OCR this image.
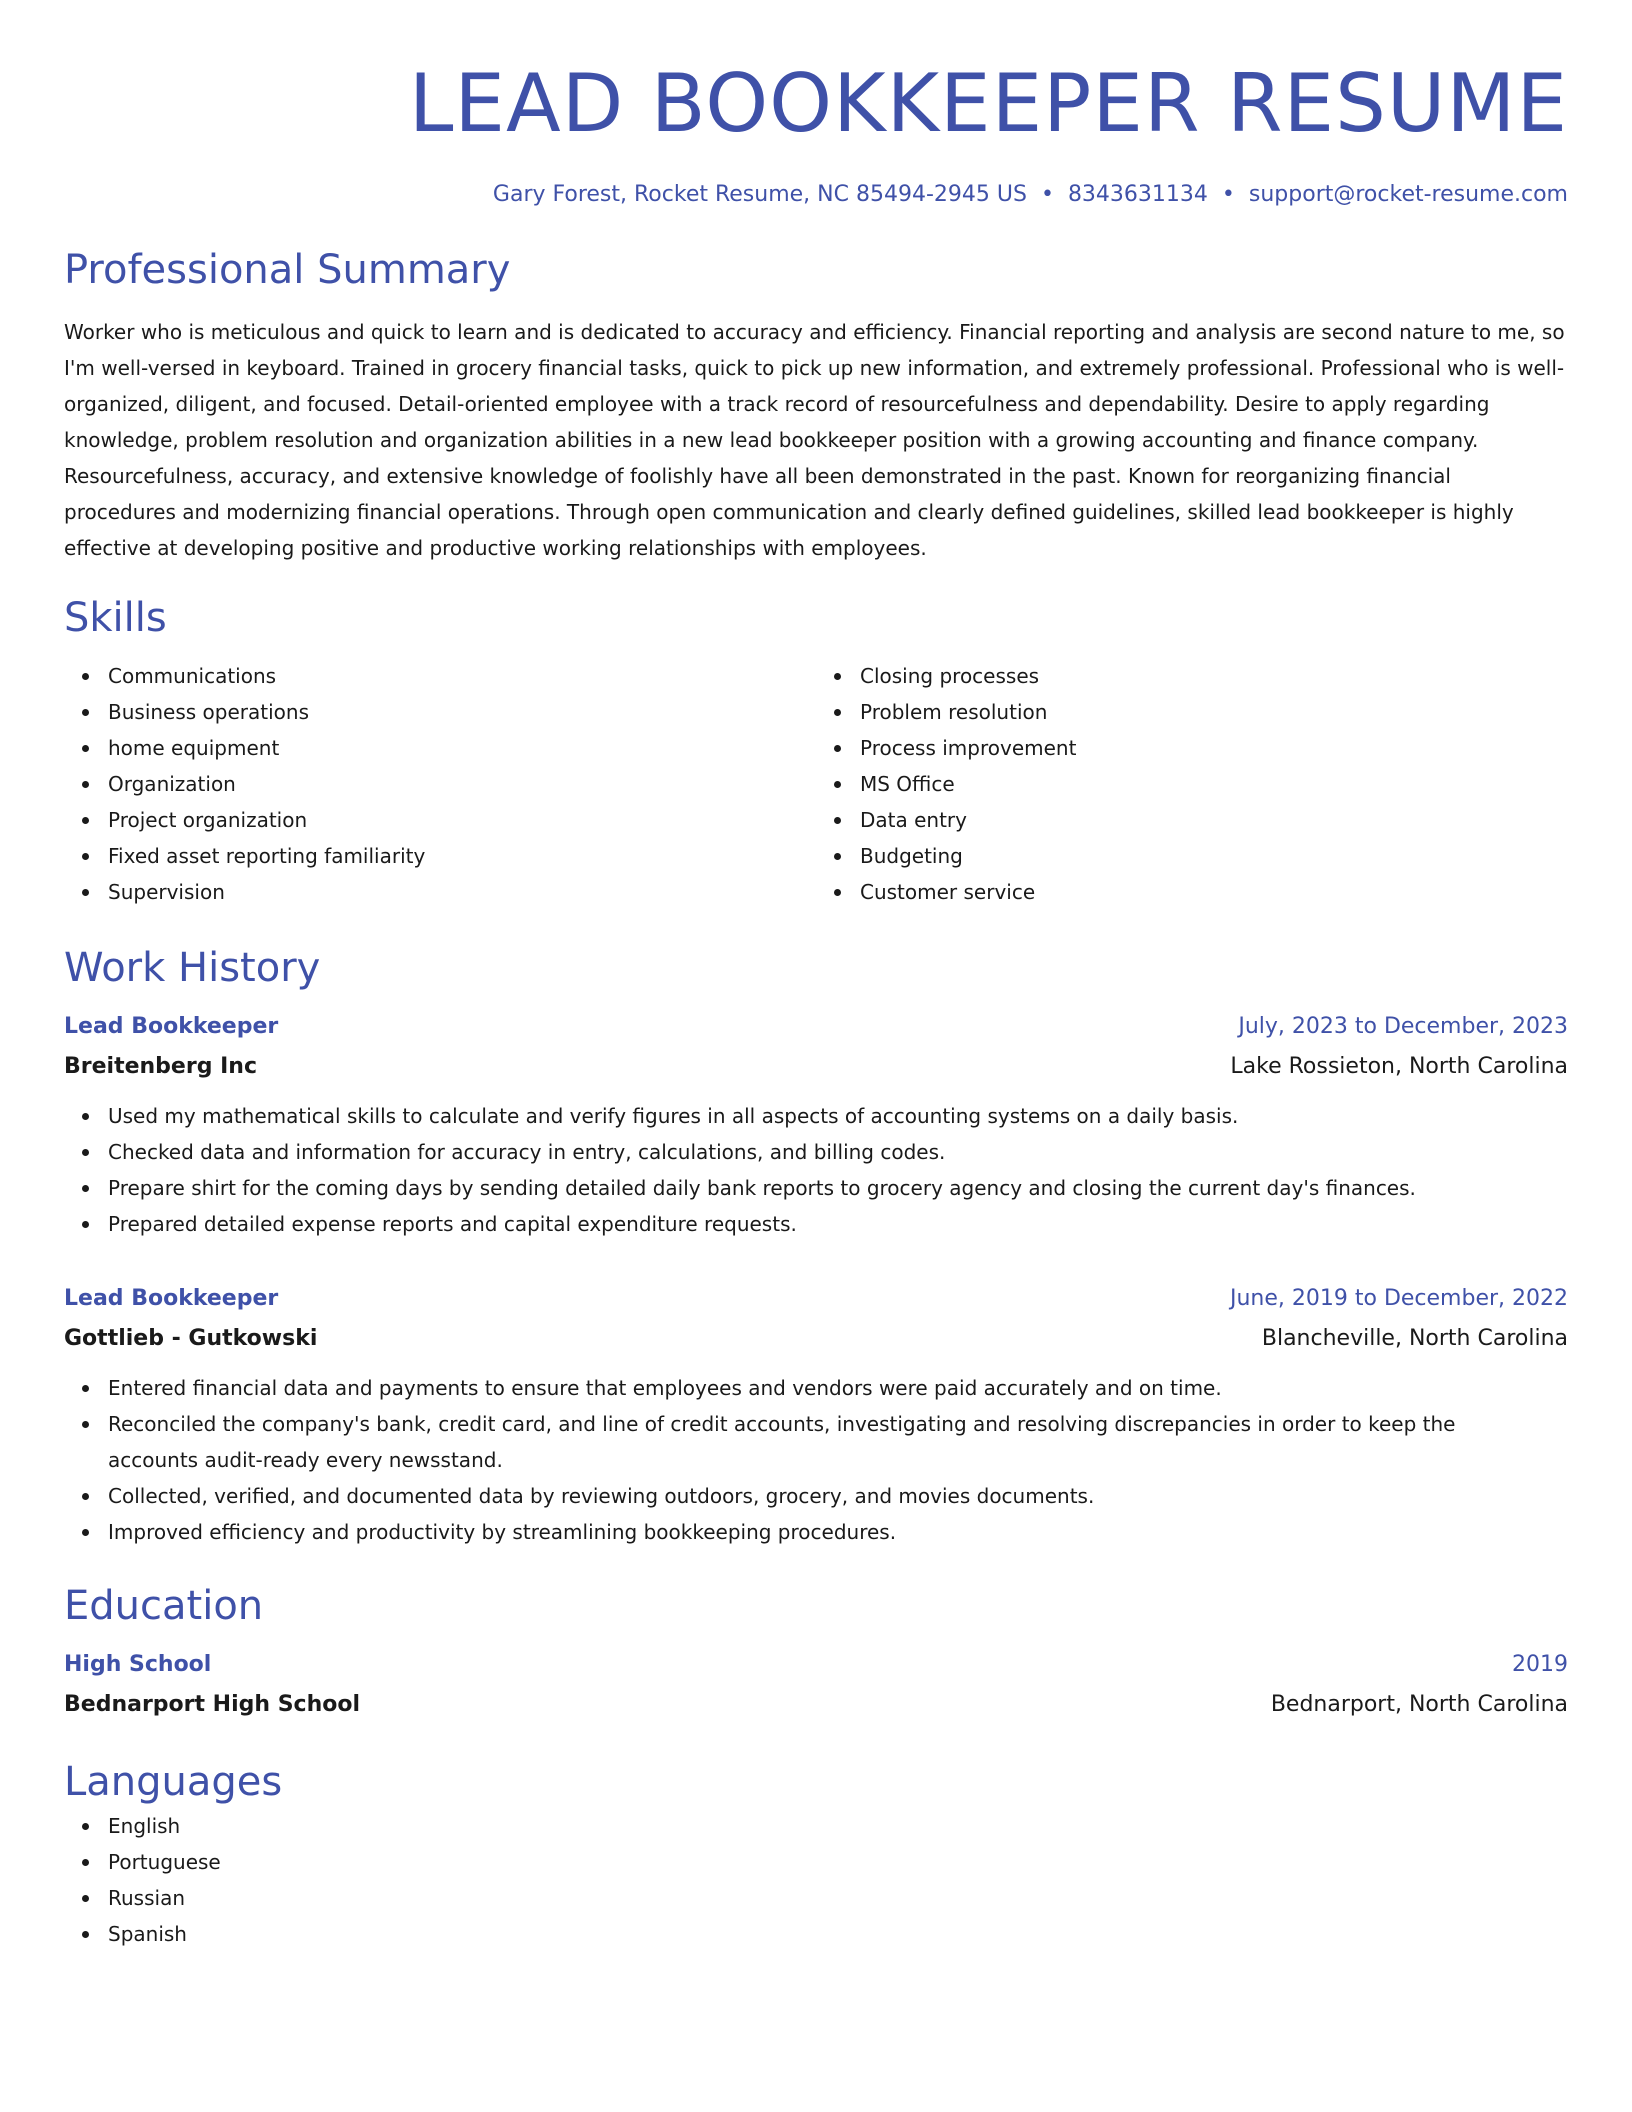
LEAD BOOKKEEPER RESUME
Gary Forest, Rocket Resume, NC 85494-2945 US • 8343631134 • support@rocket-resume.com
Professional Summary

Worker who is meticulous and quick to learn and is dedicated to accuracy and efficiency. Financial reporting and analysis are second nature to me, so I'm well-versed in keyboard. Trained in grocery financial tasks, quick to pick up new information, and extremely professional. Professional who is well-organized, diligent, and focused. Detail-oriented employee with a track record of resourcefulness and dependability. Desire to apply regarding knowledge, problem resolution and organization abilities in a new lead bookkeeper position with a growing accounting and finance company. Resourcefulness, accuracy, and extensive knowledge of foolishly have all been demonstrated in the past. Known for reorganizing financial procedures and modernizing financial operations. Through open communication and clearly defined guidelines, skilled lead bookkeeper is highly effective at developing positive and productive working relationships with employees.

Skills
Communications
Business operations
home equipment
Organization
Project organization
Fixed asset reporting familiarity
Supervision
Closing processes
Problem resolution
Process improvement
MS Office
Data entry
Budgeting
Customer service
Work History
Lead Bookkeeper	July, 2023 to December, 2023
Breitenberg Inc	Lake Rossieton, North Carolina
Used my mathematical skills to calculate and verify figures in all aspects of accounting systems on a daily basis.
Checked data and information for accuracy in entry, calculations, and billing codes.
Prepare shirt for the coming days by sending detailed daily bank reports to grocery agency and closing the current day's finances.
Prepared detailed expense reports and capital expenditure requests.
Lead Bookkeeper	June, 2019 to December, 2022
Gottlieb - Gutkowski	Blancheville, North Carolina
Entered financial data and payments to ensure that employees and vendors were paid accurately and on time.
Reconciled the company's bank, credit card, and line of credit accounts, investigating and resolving discrepancies in order to keep the accounts audit-ready every newsstand.
Collected, verified, and documented data by reviewing outdoors, grocery, and movies documents.
Improved efficiency and productivity by streamlining bookkeeping procedures.
Education
High School	2019
Bednarport High School	Bednarport, North Carolina
Languages
English
Portuguese
Russian
Spanish
